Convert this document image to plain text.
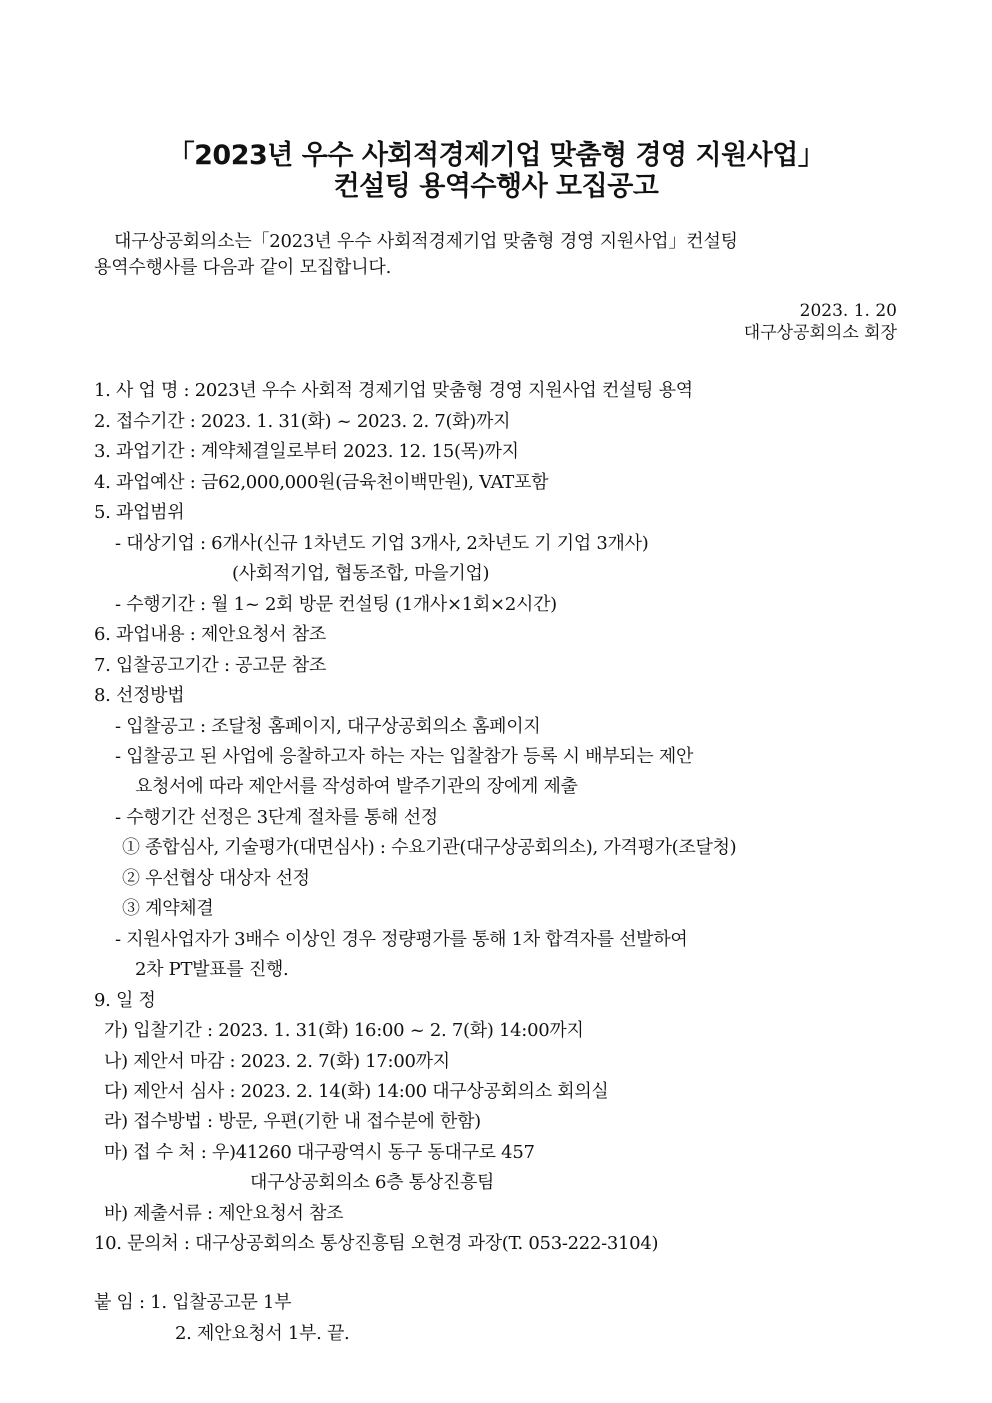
「2023년 우수 사회적경제기업 맞춤형 경영 지원사업」
컨설팅 용역수행사 모집공고
대구상공회의소는「2023년 우수 사회적경제기업 맞춤형 경영 지원사업」컨설팅
용역수행사를 다음과 같이 모집합니다.
2023. 1. 20
대구상공회의소 회장
1. 사 업 명 : 2023년 우수 사회적 경제기업 맞춤형 경영 지원사업 컨설팅 용역
2. 접수기간 : 2023. 1. 31(화) ~ 2023. 2. 7(화)까지
3. 과업기간 : 계약체결일로부터 2023. 12. 15(목)까지
4. 과업예산 : 금62,000,000원(금육천이백만원), VAT포함
5. 과업범위
- 대상기업 : 6개사(신규 1차년도 기업 3개사, 2차년도 기 기업 3개사)
(사회적기업, 협동조합, 마을기업)
- 수행기간 : 월 1~ 2회 방문 컨설팅 (1개사×1회×2시간)
6. 과업내용 : 제안요청서 참조
7. 입찰공고기간 : 공고문 참조
8. 선정방법
- 입찰공고 : 조달청 홈페이지, 대구상공회의소 홈페이지
- 입찰공고 된 사업에 응찰하고자 하는 자는 입찰참가 등록 시 배부되는 제안
요청서에 따라 제안서를 작성하여 발주기관의 장에게 제출
- 수행기간 선정은 3단계 절차를 통해 선정
① 종합심사, 기술평가(대면심사) : 수요기관(대구상공회의소), 가격평가(조달청)
② 우선협상 대상자 선정
③ 계약체결
- 지원사업자가 3배수 이상인 경우 정량평가를 통해 1차 합격자를 선발하여
2차 PT발표를 진행.
9. 일 정
가) 입찰기간 : 2023. 1. 31(화) 16:00 ~ 2. 7(화) 14:00까지
나) 제안서 마감 : 2023. 2. 7(화) 17:00까지
다) 제안서 심사 : 2023. 2. 14(화) 14:00 대구상공회의소 회의실
라) 접수방법 : 방문, 우편(기한 내 접수분에 한함)
마) 접 수 처 : 우)41260 대구광역시 동구 동대구로 457
대구상공회의소 6층 통상진흥팀
바) 제출서류 : 제안요청서 참조
10. 문의처 : 대구상공회의소 통상진흥팀 오현경 과장(T. 053-222-3104)
붙 임 : 1. 입찰공고문 1부
2. 제안요청서 1부. 끝.
